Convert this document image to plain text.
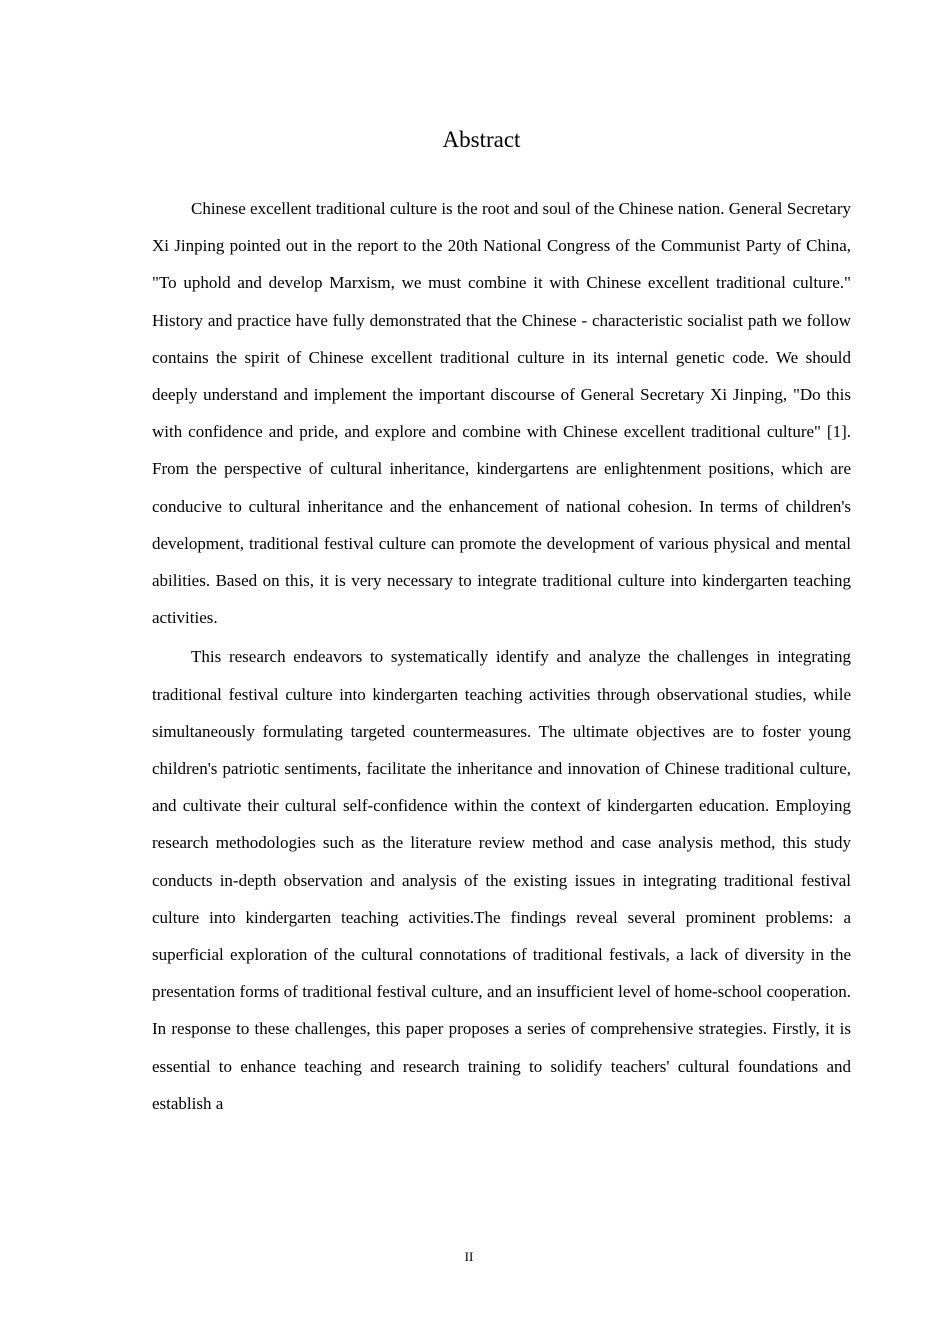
Abstract

Chinese excellent traditional culture is the root and soul of the Chinese nation. General Secretary Xi Jinping pointed out in the report to the 20th National Congress of the Communist Party of China, "To uphold and develop Marxism, we must combine it with Chinese excellent traditional culture." History and practice have fully demonstrated that the Chinese - characteristic socialist path we follow contains the spirit of Chinese excellent traditional culture in its internal genetic code. We should deeply understand and implement the important discourse of General Secretary Xi Jinping, "Do this with confidence and pride, and explore and combine with Chinese excellent traditional culture" [1]. From the perspective of cultural inheritance, kindergartens are enlightenment positions, which are conducive to cultural inheritance and the enhancement of national cohesion. In terms of children's development, traditional festival culture can promote the development of various physical and mental abilities. Based on this, it is very necessary to integrate traditional culture into kindergarten teaching activities.

This research endeavors to systematically identify and analyze the challenges in integrating traditional festival culture into kindergarten teaching activities through observational studies, while simultaneously formulating targeted countermeasures. The ultimate objectives are to foster young children's patriotic sentiments, facilitate the inheritance and innovation of Chinese traditional culture, and cultivate their cultural self-confidence within the context of kindergarten education. Employing research methodologies such as the literature review method and case analysis method, this study conducts in-depth observation and analysis of the existing issues in integrating traditional festival culture into kindergarten teaching activities.The findings reveal several prominent problems: a superficial exploration of the cultural connotations of traditional festivals, a lack of diversity in the presentation forms of traditional festival culture, and an insufficient level of home-school cooperation. In response to these challenges, this paper proposes a series of comprehensive strategies. Firstly, it is essential to enhance teaching and research training to solidify teachers' cultural foundations and establish a

II
